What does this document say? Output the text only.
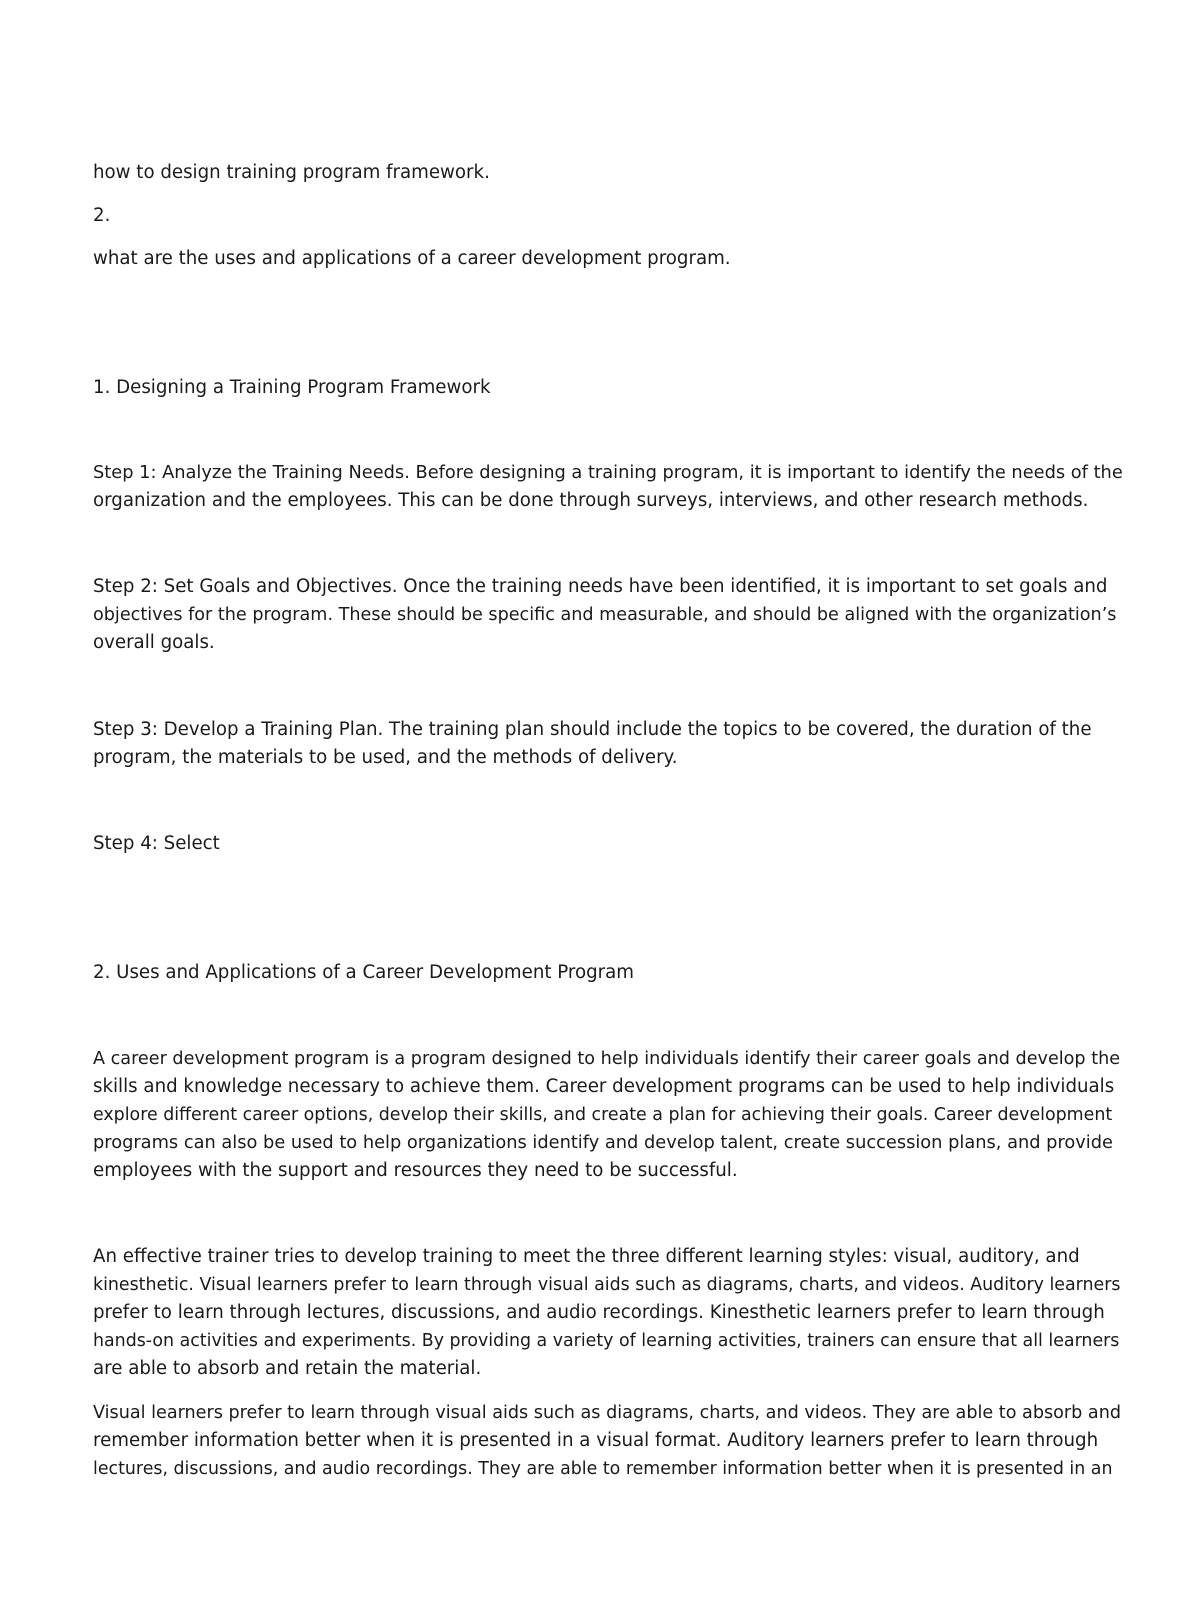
how to design training program framework.

2.

what are the uses and applications of a career development program.

1. Designing a Training Program Framework

Step 1: Analyze the Training Needs. Before designing a training program, it is important to identify the needs of the

organization and the employees. This can be done through surveys, interviews, and other research methods.

Step 2: Set Goals and Objectives. Once the training needs have been identified, it is important to set goals and

objectives for the program. These should be specific and measurable, and should be aligned with the organization’s

overall goals.

Step 3: Develop a Training Plan. The training plan should include the topics to be covered, the duration of the

program, the materials to be used, and the methods of delivery.

Step 4: Select

2. Uses and Applications of a Career Development Program

A career development program is a program designed to help individuals identify their career goals and develop the

skills and knowledge necessary to achieve them. Career development programs can be used to help individuals

explore different career options, develop their skills, and create a plan for achieving their goals. Career development

programs can also be used to help organizations identify and develop talent, create succession plans, and provide

employees with the support and resources they need to be successful.

An effective trainer tries to develop training to meet the three different learning styles: visual, auditory, and

kinesthetic. Visual learners prefer to learn through visual aids such as diagrams, charts, and videos. Auditory learners

prefer to learn through lectures, discussions, and audio recordings. Kinesthetic learners prefer to learn through

hands-on activities and experiments. By providing a variety of learning activities, trainers can ensure that all learners

are able to absorb and retain the material.

Visual learners prefer to learn through visual aids such as diagrams, charts, and videos. They are able to absorb and

remember information better when it is presented in a visual format. Auditory learners prefer to learn through

lectures, discussions, and audio recordings. They are able to remember information better when it is presented in an
